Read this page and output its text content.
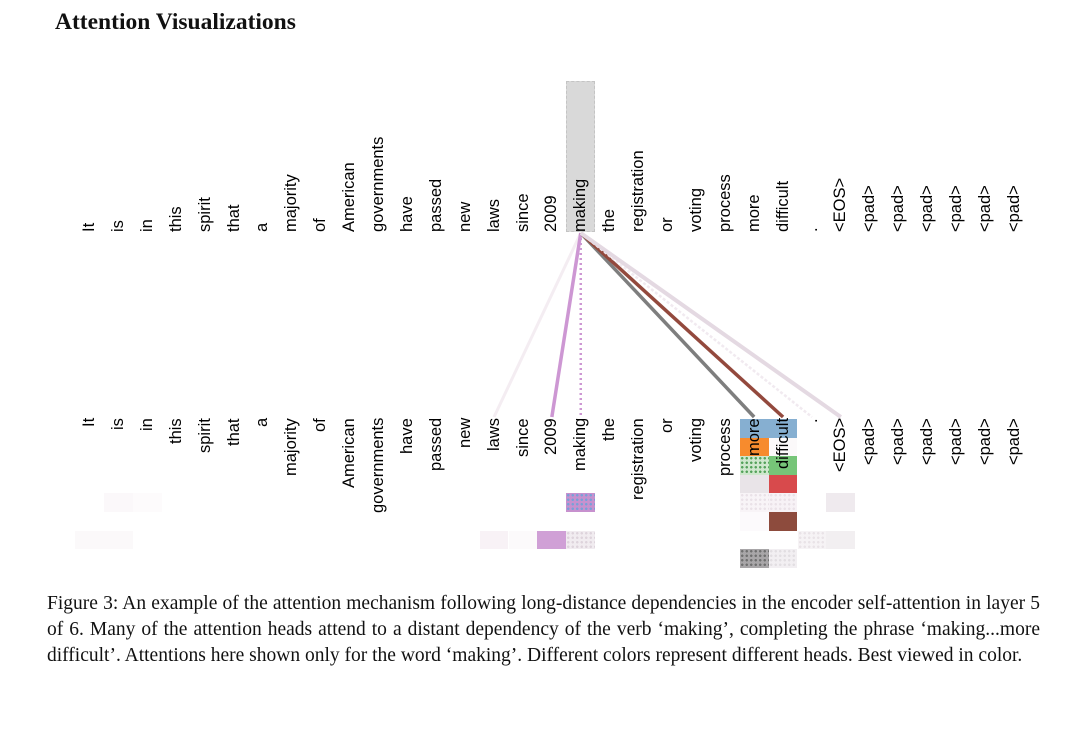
Attention Visualizations
It is in this spirit that a majority of American governments have passed new laws since 2009 making the registration or voting process more difficult . <EOS> <pad> <pad> <pad> <pad> <pad> <pad>
It is in this spirit that a majority of American governments have passed new laws since 2009 making the registration or voting process more difficult . <EOS> <pad> <pad> <pad> <pad> <pad> <pad>

Figure 3: An example of the attention mechanism following long-distance dependencies in the encoder self-attention in layer 5 of 6. Many of the attention heads attend to a distant dependency of the verb ‘making’, completing the phrase ‘making...more difficult’. Attentions here shown only for the word ‘making’. Different colors represent different heads. Best viewed in color.
